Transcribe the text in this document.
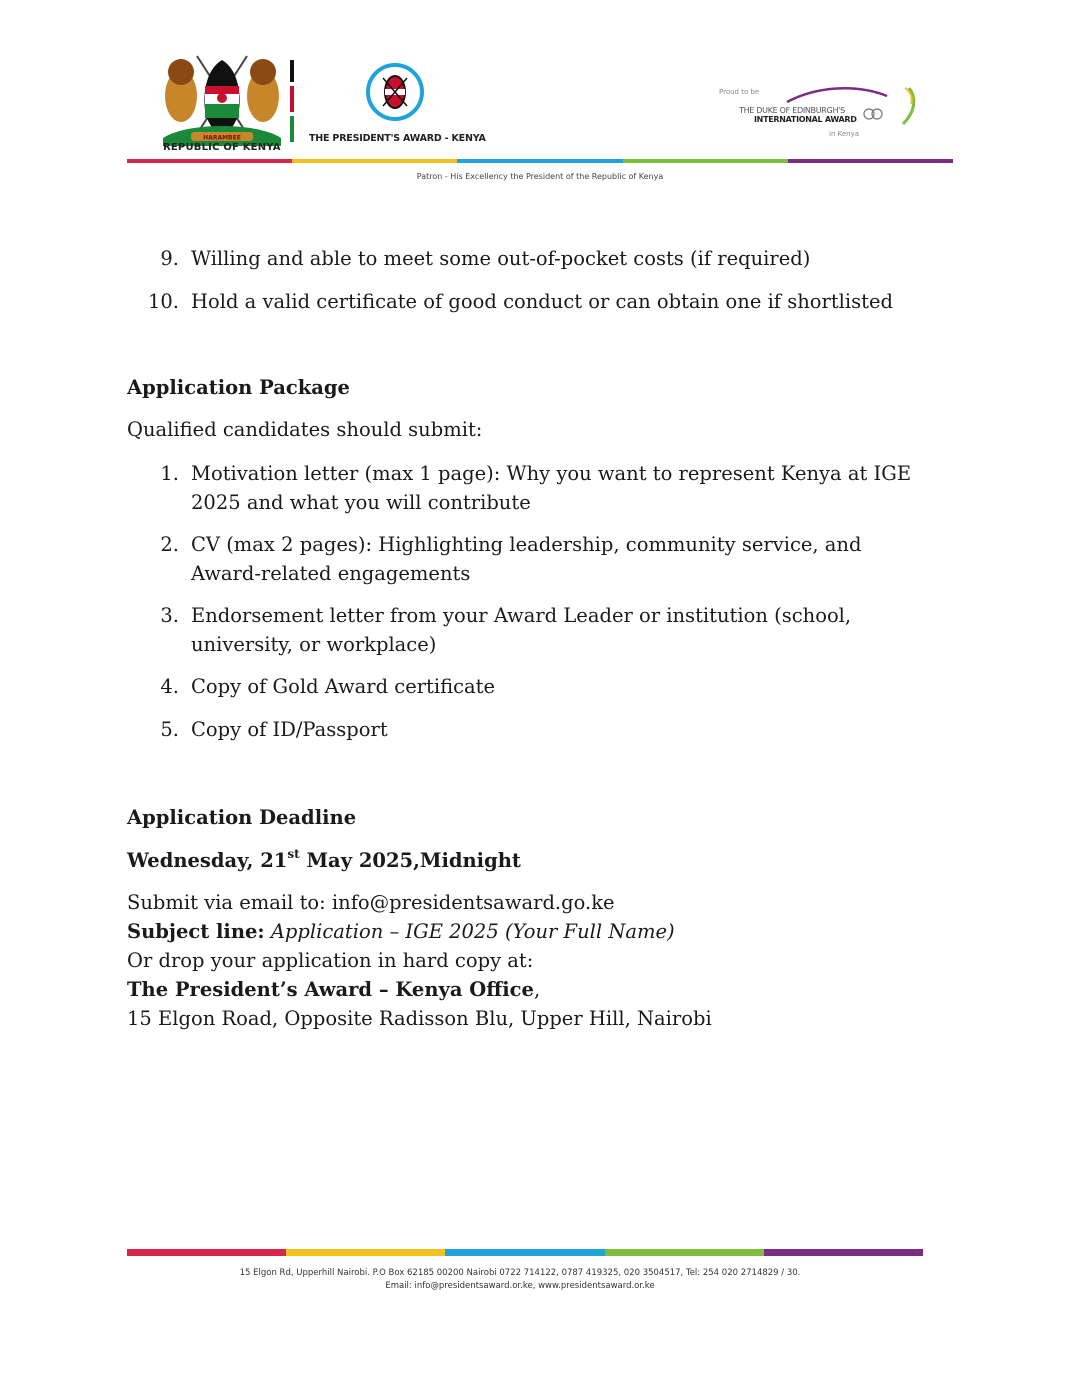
HARAMBEE
REPUBLIC OF KENYA
THE PRESIDENT'S AWARD - KENYA
Proud to be
THE DUKE OF EDINBURGH'S
INTERNATIONAL AWARD
in Kenya
Patron - His Excellency the President of the Republic of Kenya
9. Willing and able to meet some out-of-pocket costs (if required)
10. Hold a valid certificate of good conduct or can obtain one if shortlisted
Application Package
Qualified candidates should submit:
1. Motivation letter (max 1 page): Why you want to represent Kenya at IGE
2025 and what you will contribute
2. CV (max 2 pages): Highlighting leadership, community service, and
Award-related engagements
3. Endorsement letter from your Award Leader or institution (school,
university, or workplace)
4. Copy of Gold Award certificate
5. Copy of ID/Passport
Application Deadline
Wednesday, 21st May 2025,Midnight
Submit via email to: info@presidentsaward.go.ke
Subject line: Application – IGE 2025 (Your Full Name)
Or drop your application in hard copy at:
The President’s Award – Kenya Office,
15 Elgon Road, Opposite Radisson Blu, Upper Hill, Nairobi
15 Elgon Rd, Upperhill Nairobi. P.O Box 62185 00200 Nairobi 0722 714122, 0787 419325, 020 3504517, Tel: 254 020 2714829 / 30.
Email: info@presidentsaward.or.ke, www.presidentsaward.or.ke
